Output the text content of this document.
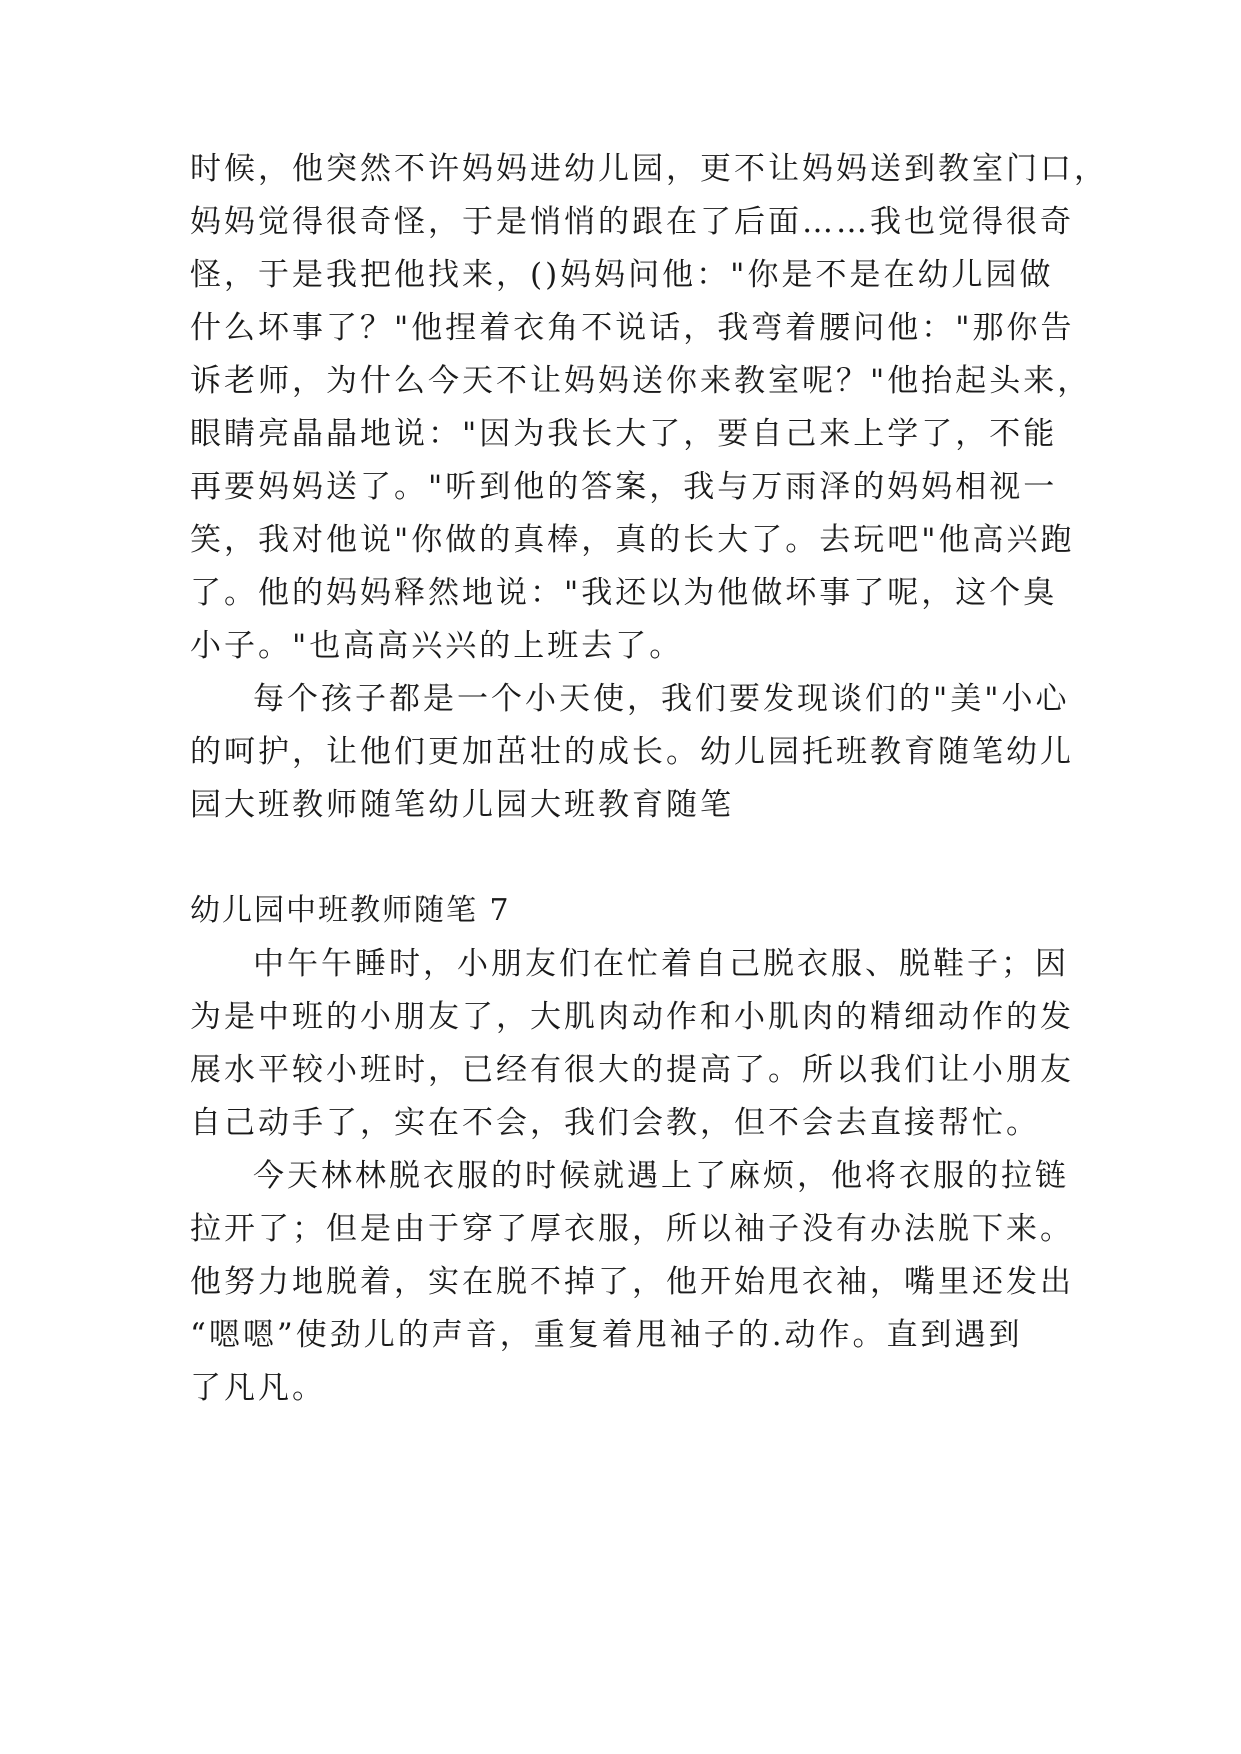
时候，他突然不许妈妈进幼儿园，更不让妈妈送到教室门口，
妈妈觉得很奇怪，于是悄悄的跟在了后面……我也觉得很奇
怪，于是我把他找来，()妈妈问他："你是不是在幼儿园做
什么坏事了？"他捏着衣角不说话，我弯着腰问他："那你告
诉老师，为什么今天不让妈妈送你来教室呢？"他抬起头来，
眼睛亮晶晶地说："因为我长大了，要自己来上学了，不能
再要妈妈送了。"听到他的答案，我与万雨泽的妈妈相视一
笑，我对他说"你做的真棒，真的长大了。去玩吧"他高兴跑
了。他的妈妈释然地说："我还以为他做坏事了呢，这个臭
小子。"也高高兴兴的上班去了。
每个孩子都是一个小天使，我们要发现谈们的"美"小心
的呵护，让他们更加茁壮的成长。幼儿园托班教育随笔幼儿
园大班教师随笔幼儿园大班教育随笔
幼儿园中班教师随笔 7
中午午睡时，小朋友们在忙着自己脱衣服、脱鞋子；因
为是中班的小朋友了，大肌肉动作和小肌肉的精细动作的发
展水平较小班时，已经有很大的提高了。所以我们让小朋友
自己动手了，实在不会，我们会教，但不会去直接帮忙。
今天林林脱衣服的时候就遇上了麻烦，他将衣服的拉链
拉开了；但是由于穿了厚衣服，所以袖子没有办法脱下来。
他努力地脱着，实在脱不掉了，他开始甩衣袖，嘴里还发出
“嗯嗯”使劲儿的声音，重复着甩袖子的.动作。直到遇到
了凡凡。
